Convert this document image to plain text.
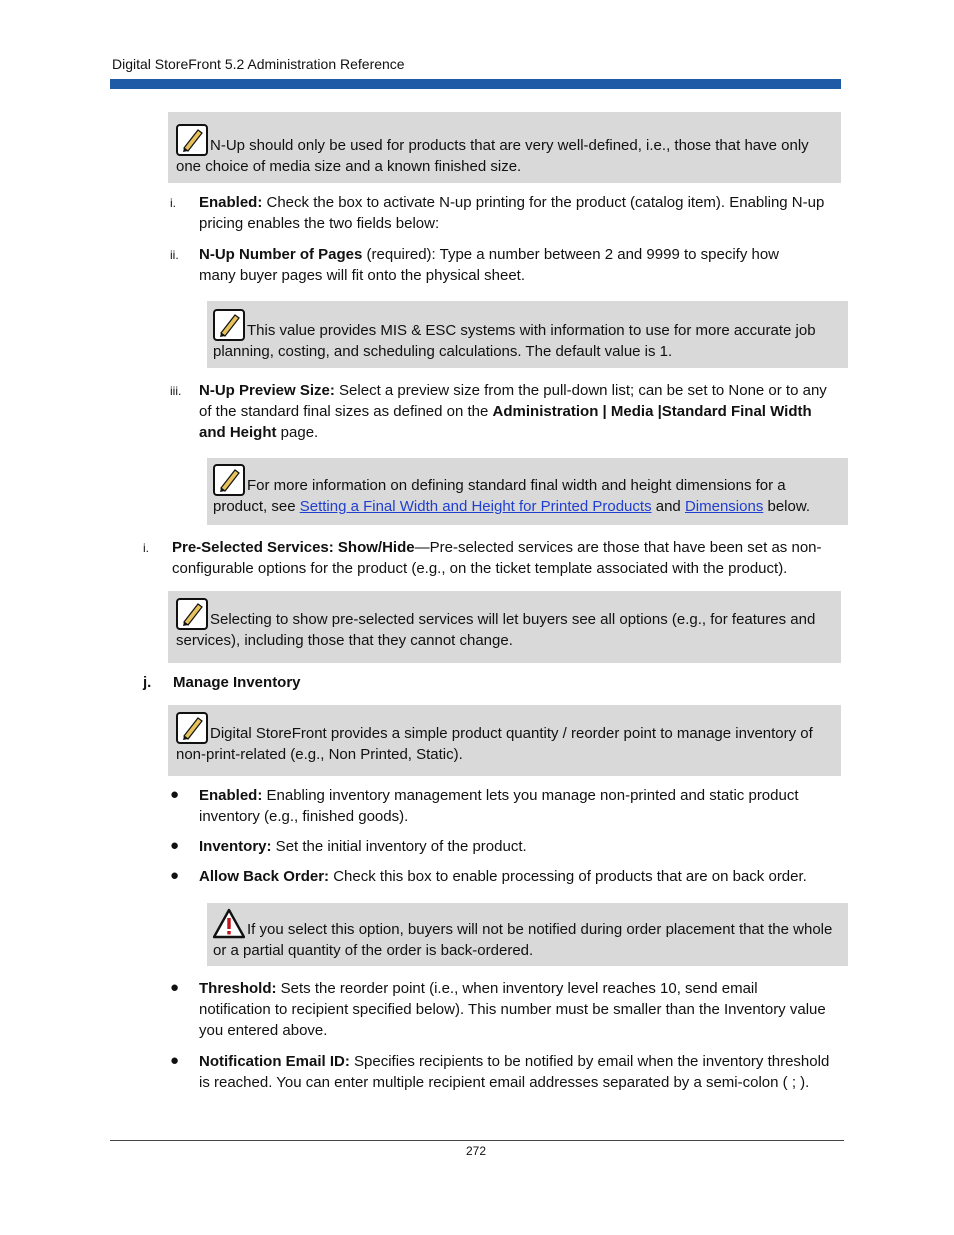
Digital StoreFront 5.2 Administration Reference
N-Up should only be used for products that are very well-defined, i.e., those that have only one choice of media size and a known finished size.
i. Enabled: Check the box to activate N-up printing for the product (catalog item). Enabling N-up pricing enables the two fields below:
ii. N-Up Number of Pages (required): Type a number between 2 and 9999 to specify how many buyer pages will fit onto the physical sheet.
This value provides MIS & ESC systems with information to use for more accurate job planning, costing, and scheduling calculations. The default value is 1.
iii. N-Up Preview Size: Select a preview size from the pull-down list; can be set to None or to any of the standard final sizes as defined on the Administration | Media |Standard Final Width and Height page.
For more information on defining standard final width and height dimensions for a product, see Setting a Final Width and Height for Printed Products and Dimensions below.
i. Pre-Selected Services: Show/Hide—Pre-selected services are those that have been set as non-configurable options for the product (e.g., on the ticket template associated with the product).
Selecting to show pre-selected services will let buyers see all options (e.g., for features and services), including those that they cannot change.
j. Manage Inventory
Digital StoreFront provides a simple product quantity / reorder point to manage inventory of non-print-related (e.g., Non Printed, Static).
● Enabled: Enabling inventory management lets you manage non-printed and static product inventory (e.g., finished goods).
● Inventory: Set the initial inventory of the product.
● Allow Back Order: Check this box to enable processing of products that are on back order.
If you select this option, buyers will not be notified during order placement that the whole or a partial quantity of the order is back-ordered.
● Threshold: Sets the reorder point (i.e., when inventory level reaches 10, send email notification to recipient specified below). This number must be smaller than the Inventory value you entered above.
● Notification Email ID: Specifies recipients to be notified by email when the inventory threshold is reached. You can enter multiple recipient email addresses separated by a semi-colon ( ; ).
272
